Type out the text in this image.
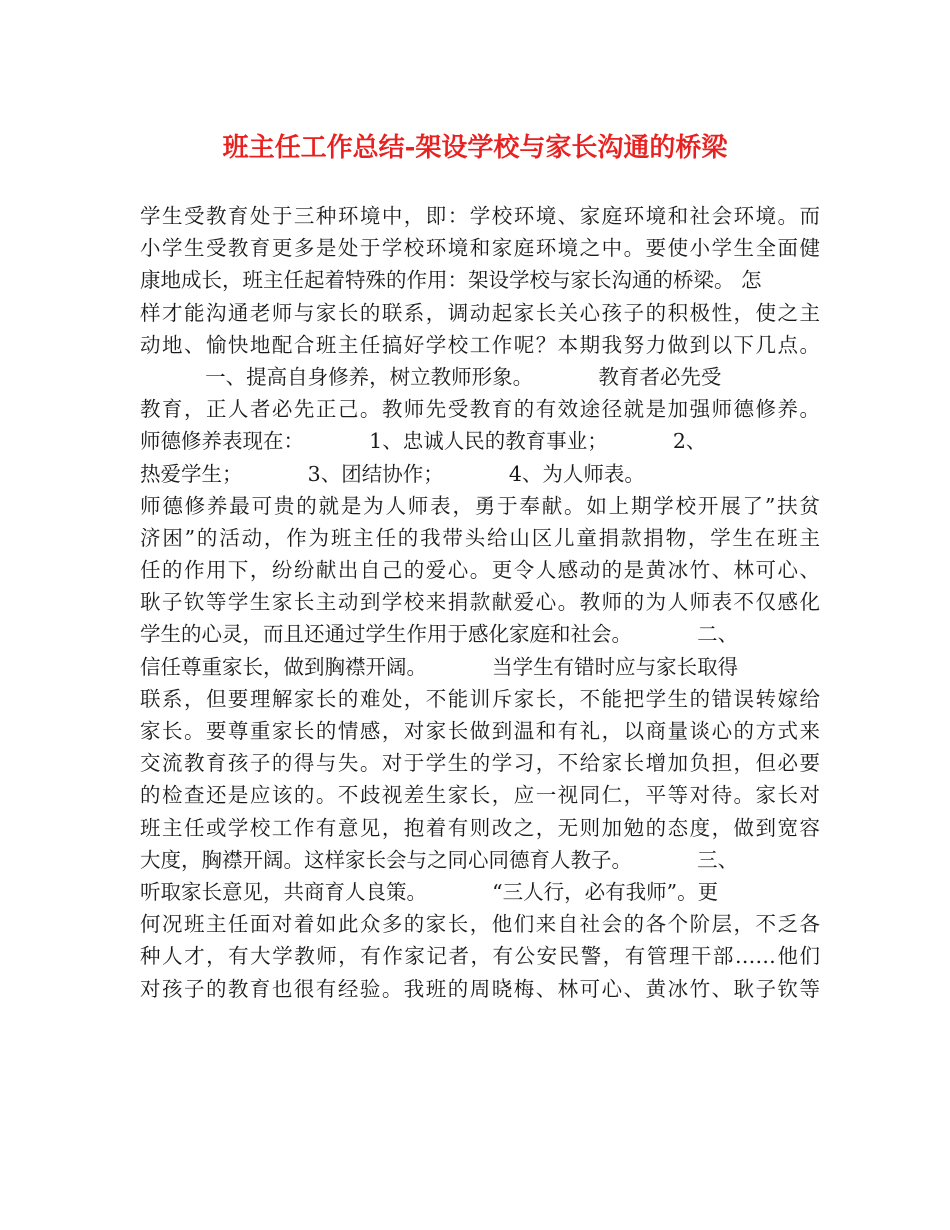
班主任工作总结-架设学校与家长沟通的桥梁
学生受教育处于三种环境中，即：学校环境、家庭环境和社会环境。而
小学生受教育更多是处于学校环境和家庭环境之中。要使小学生全面健
康地成长，班主任起着特殊的作用：架设学校与家长沟通的桥梁。 怎
样才能沟通老师与家长的联系，调动起家长关心孩子的积极性，使之主
动地、愉快地配合班主任搞好学校工作呢？本期我努力做到以下几点。
一、提高自身修养，树立教师形象。          教育者必先受
教育，正人者必先正己。教师先受教育的有效途径就是加强师德修养。
师德修养表现在：          1、忠诚人民的教育事业；          2、
热爱学生；          3、团结协作；          4、为人师表。
师德修养最可贵的就是为人师表，勇于奉献。如上期学校开展了”扶贫
济困”的活动，作为班主任的我带头给山区儿童捐款捐物，学生在班主
任的作用下，纷纷献出自己的爱心。更令人感动的是黄冰竹、林可心、
耿子钦等学生家长主动到学校来捐款献爱心。教师的为人师表不仅感化
学生的心灵，而且还通过学生作用于感化家庭和社会。          二、
信任尊重家长，做到胸襟开阔。          当学生有错时应与家长取得
联系，但要理解家长的难处，不能训斥家长，不能把学生的错误转嫁给
家长。要尊重家长的情感，对家长做到温和有礼，以商量谈心的方式来
交流教育孩子的得与失。对于学生的学习，不给家长增加负担，但必要
的检查还是应该的。不歧视差生家长，应一视同仁，平等对待。家长对
班主任或学校工作有意见，抱着有则改之，无则加勉的态度，做到宽容
大度，胸襟开阔。这样家长会与之同心同德育人教子。          三、
听取家长意见，共商育人良策。          “三人行，必有我师”。更
何况班主任面对着如此众多的家长，他们来自社会的各个阶层，不乏各
种人才，有大学教师，有作家记者，有公安民警，有管理干部……他们
对孩子的教育也很有经验。我班的周晓梅、林可心、黄冰竹、耿子钦等
